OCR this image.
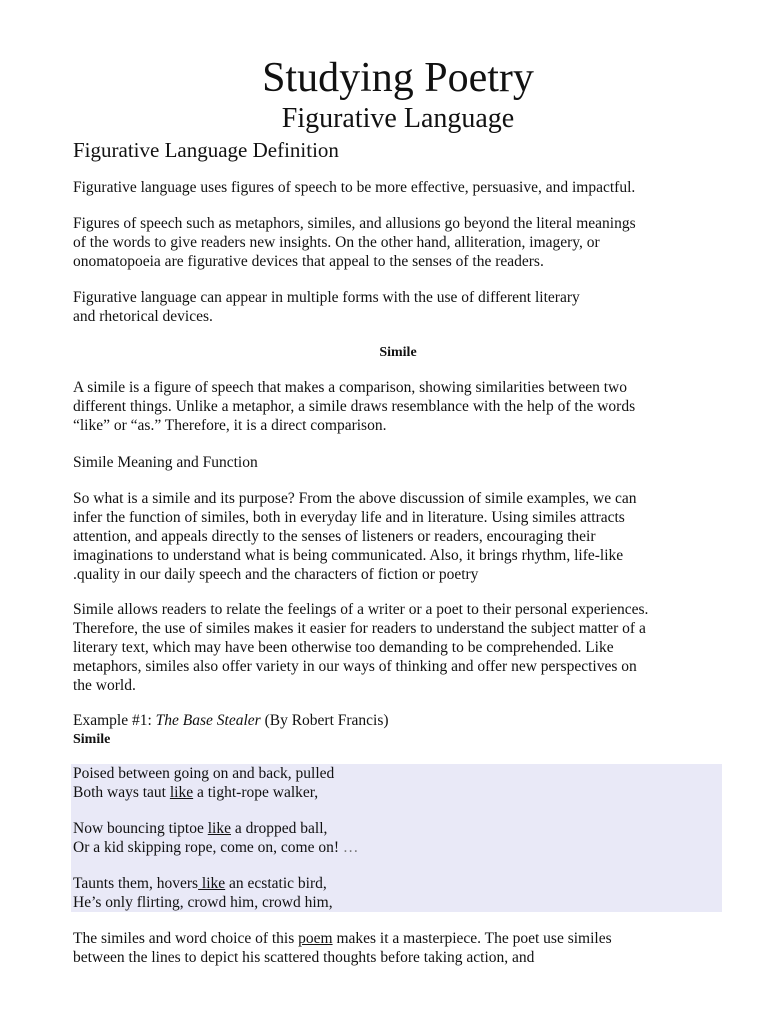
Studying Poetry
Figurative Language
Figurative Language Definition

Figurative language uses figures of speech to be more effective, persuasive, and impactful.

Figures of speech such as metaphors, similes, and allusions go beyond the literal meanings
of the words to give readers new insights. On the other hand, alliteration, imagery, or
onomatopoeia are figurative devices that appeal to the senses of the readers.

Figurative language can appear in multiple forms with the use of different literary
and rhetorical devices.

Simile

A simile is a figure of speech that makes a comparison, showing similarities between two
different things. Unlike a metaphor, a simile draws resemblance with the help of the words
“like” or “as.” Therefore, it is a direct comparison.

Simile Meaning and Function

So what is a simile and its purpose? From the above discussion of simile examples, we can
infer the function of similes, both in everyday life and in literature. Using similes attracts
attention, and appeals directly to the senses of listeners or readers, encouraging their
imaginations to understand what is being communicated. Also, it brings rhythm, life-like
.quality in our daily speech and the characters of fiction or poetry

Simile allows readers to relate the feelings of a writer or a poet to their personal experiences.
Therefore, the use of similes makes it easier for readers to understand the subject matter of a
literary text, which may have been otherwise too demanding to be comprehended. Like
metaphors, similes also offer variety in our ways of thinking and offer new perspectives on
the world.

Example #1: The Base Stealer (By Robert Francis)

Simile

Poised between going on and back, pulled
Both ways taut like a tight-rope walker,
Now bouncing tiptoe like a dropped ball,
Or a kid skipping rope, come on, come on! …
Taunts them, hovers like an ecstatic bird,
He’s only flirting, crowd him, crowd him,

The similes and word choice of this poem makes it a masterpiece. The poet use similes
between the lines to depict his scattered thoughts before taking action, and
